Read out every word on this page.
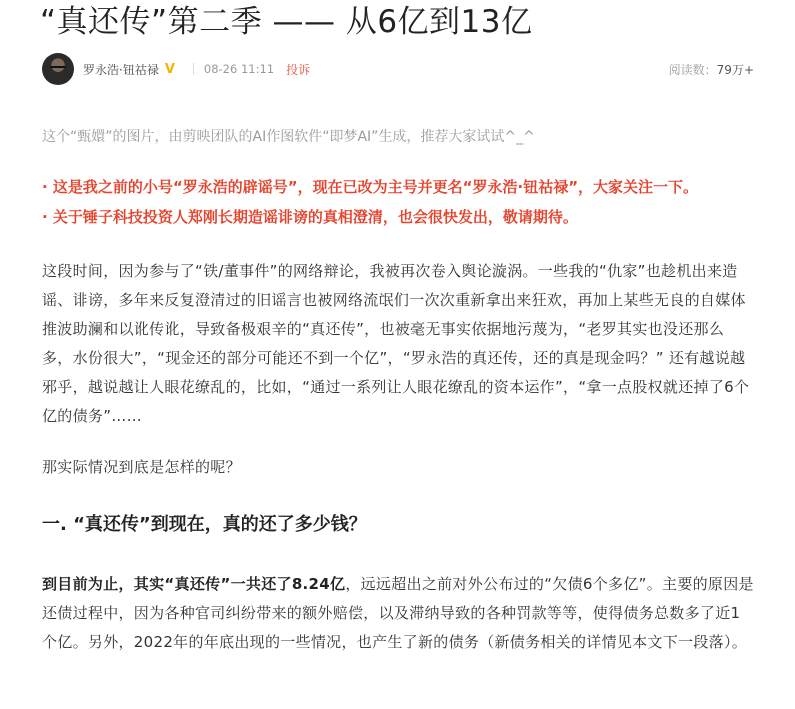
“真还传”第二季 —— 从6亿到13亿
罗永浩·钮祜禄 V	08-26 11:11 投诉	阅读数：79万+
这个“甄嬛”的图片，由剪映团队的AI作图软件“即梦AI”生成，推荐大家试试^_^
· 这是我之前的小号“罗永浩的辟谣号”，现在已改为主号并更名“罗永浩·钮祜禄”，大家关注一下。
· 关于锤子科技投资人郑刚长期造谣诽谤的真相澄清，也会很快发出，敬请期待。
这段时间，因为参与了“铁/董事件”的网络辩论，我被再次卷入舆论漩涡。一些我的“仇家”也趁机出来造谣、诽谤，多年来反复澄清过的旧谣言也被网络流氓们一次次重新拿出来狂欢，再加上某些无良的自媒体推波助澜和以讹传讹，导致备极艰辛的“真还传”，也被毫无事实依据地污蔑为，“老罗其实也没还那么多，水份很大”，“现金还的部分可能还不到一个亿”，“罗永浩的真还传，还的真是现金吗？” 还有越说越邪乎，越说越让人眼花缭乱的，比如，“通过一系列让人眼花缭乱的资本运作”，“拿一点股权就还掉了6个亿的债务”……
那实际情况到底是怎样的呢？
一. “真还传”到现在，真的还了多少钱？
到目前为止，其实“真还传”一共还了8.24亿，远远超出之前对外公布过的“欠债6个多亿”。主要的原因是还债过程中，因为各种官司纠纷带来的额外赔偿，以及滞纳导致的各种罚款等等，使得债务总数多了近1个亿。另外，2022年的年底出现的一些情况，也产生了新的债务（新债务相关的详情见本文下一段落）。
